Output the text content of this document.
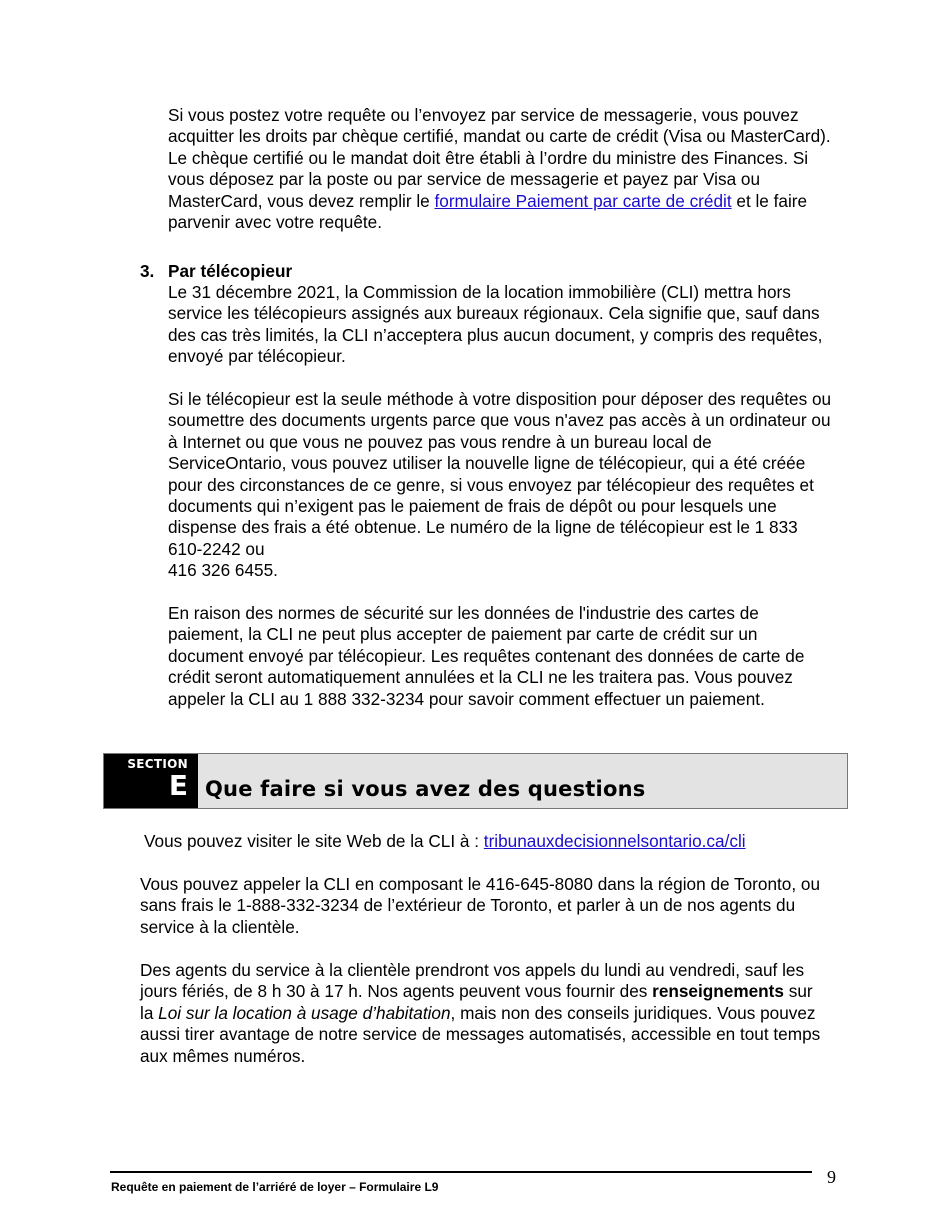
Si vous postez votre requête ou l’envoyez par service de messagerie, vous pouvez acquitter les droits par chèque certifié, mandat ou carte de crédit (Visa ou MasterCard). Le chèque certifié ou le mandat doit être établi à l’ordre du ministre des Finances. Si vous déposez par la poste ou par service de messagerie et payez par Visa ou MasterCard, vous devez remplir le formulaire Paiement par carte de crédit et le faire parvenir avec votre requête.

3. Par télécopieur

Le 31 décembre 2021, la Commission de la location immobilière (CLI) mettra hors service les télécopieurs assignés aux bureaux régionaux. Cela signifie que, sauf dans des cas très limités, la CLI n’acceptera plus aucun document, y compris des requêtes, envoyé par télécopieur.

Si le télécopieur est la seule méthode à votre disposition pour déposer des requêtes ou soumettre des documents urgents parce que vous n'avez pas accès à un ordinateur ou à Internet ou que vous ne pouvez pas vous rendre à un bureau local de ServiceOntario, vous pouvez utiliser la nouvelle ligne de télécopieur, qui a été créée pour des circonstances de ce genre, si vous envoyez par télécopieur des requêtes et documents qui n’exigent pas le paiement de frais de dépôt ou pour lesquels une dispense des frais a été obtenue. Le numéro de la ligne de télécopieur est le 1 833 610-2242 ou
416 326 6455.

En raison des normes de sécurité sur les données de l'industrie des cartes de paiement, la CLI ne peut plus accepter de paiement par carte de crédit sur un document envoyé par télécopieur. Les requêtes contenant des données de carte de crédit seront automatiquement annulées et la CLI ne les traitera pas. Vous pouvez appeler la CLI au 1 888 332-3234 pour savoir comment effectuer un paiement.

SECTION
E Que faire si vous avez des questions

Vous pouvez visiter le site Web de la CLI à : tribunauxdecisionnelsontario.ca/cli

Vous pouvez appeler la CLI en composant le 416-645-8080 dans la région de Toronto, ou sans frais le 1-888-332-3234 de l’extérieur de Toronto, et parler à un de nos agents du service à la clientèle.

Des agents du service à la clientèle prendront vos appels du lundi au vendredi, sauf les jours fériés, de 8 h 30 à 17 h. Nos agents peuvent vous fournir des renseignements sur la Loi sur la location à usage d’habitation, mais non des conseils juridiques. Vous pouvez aussi tirer avantage de notre service de messages automatisés, accessible en tout temps aux mêmes numéros.

Requête en paiement de l’arriéré de loyer – Formulaire L9	9
